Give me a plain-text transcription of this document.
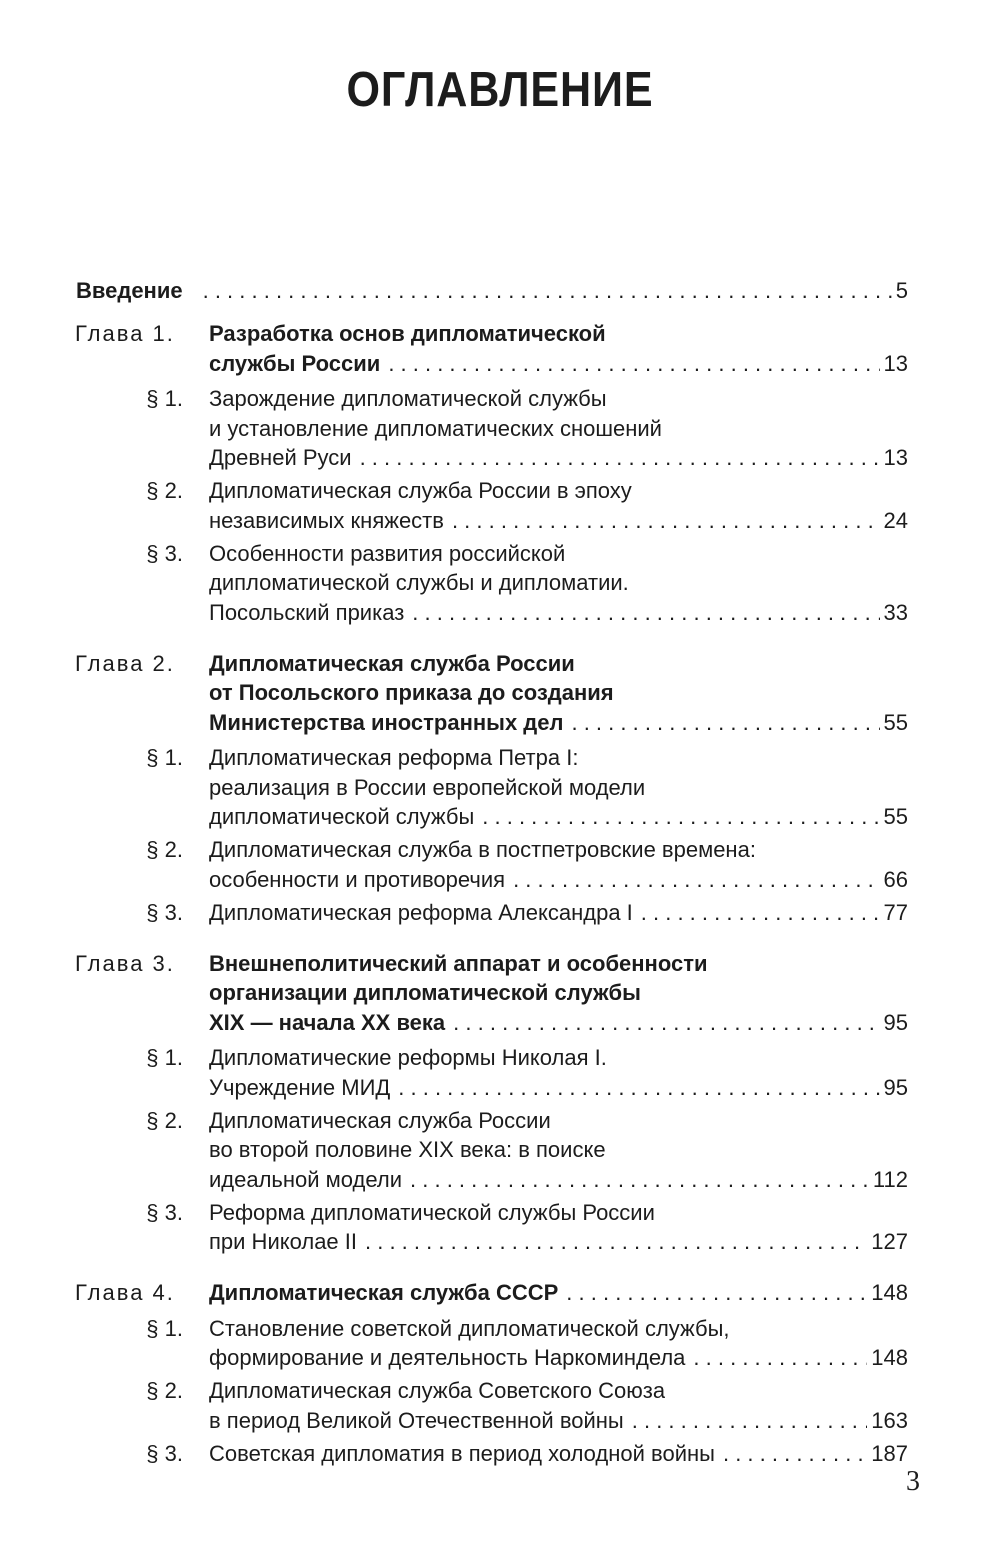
ОГЛАВЛЕНИЕ
Введение . . .	5
Глава 1. Разработка основ дипломатической
службы России . . .	13
§ 1. Зарождение дипломатической службы
и установление дипломатических сношений
Древней Руси . . .	13
§ 2. Дипломатическая служба России в эпоху
независимых княжеств . . .	24
§ 3. Особенности развития российской
дипломатической службы и дипломатии.
Посольский приказ . . .	33
Глава 2. Дипломатическая служба России
от Посольского приказа до создания
Министерства иностранных дел . . .	55
§ 1. Дипломатическая реформа Петра I:
реализация в России европейской модели
дипломатической службы . . .	55
§ 2. Дипломатическая служба в постпетровские времена:
особенности и противоречия . . .	66
§ 3. Дипломатическая реформа Александра I . . .	77
Глава 3. Внешнеполитический аппарат и особенности
организации дипломатической службы
XIX — начала XX века . . .	95
§ 1. Дипломатические реформы Николая I.
Учреждение МИД . . .	95
§ 2. Дипломатическая служба России
во второй половине XIX века: в поиске
идеальной модели . . .	112
§ 3. Реформа дипломатической службы России
при Николае II . . .	127
Глава 4. Дипломатическая служба СССР . . .	148
§ 1. Становление советской дипломатической службы,
формирование и деятельность Наркоминдела . . .	148
§ 2. Дипломатическая служба Советского Союза
в период Великой Отечественной войны . . .	163
§ 3. Советская дипломатия в период холодной войны . . .	187
3
